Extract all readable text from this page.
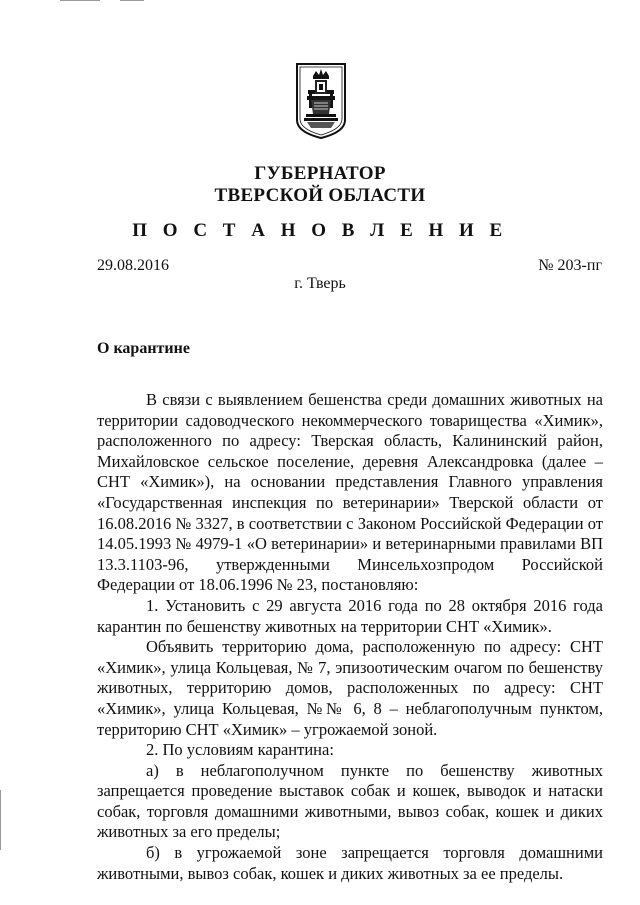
ГУБЕРНАТОР
ТВЕРСКОЙ ОБЛАСТИ
П О С Т А Н О В Л Е Н И Е
29.08.2016	№ 203-пг
г. Тверь
О карантине

В связи с выявлением бешенства среди домашних животных на территории садоводческого некоммерческого товарищества «Химик», расположенного по адресу: Тверская область, Калининский район, Михайловское сельское поселение, деревня Александровка (далее – СНТ «Химик»), на основании представления Главного управления «Государственная инспекция по ветеринарии» Тверской области от 16.08.2016 № 3327, в соответствии с Законом Российской Федерации от 14.05.1993 № 4979-1 «О ветеринарии» и ветеринарными правилами ВП 13.3.1103-96, утвержденными Минсельхозпродом Российской Федерации от 18.06.1996 № 23, постановляю:

1. Установить с 29 августа 2016 года по 28 октября 2016 года карантин по бешенству животных на территории СНТ «Химик».

Объявить территорию дома, расположенную по адресу: СНТ «Химик», улица Кольцевая, № 7, эпизоотическим очагом по бешенству животных, территорию домов, расположенных по адресу: СНТ «Химик», улица Кольцевая, №№ 6, 8 – неблагополучным пунктом, территорию СНТ «Химик» – угрожаемой зоной.

2. По условиям карантина:

а) в неблагополучном пункте по бешенству животных запрещается проведение выставок собак и кошек, выводок и натаски собак, торговля домашними животными, вывоз собак, кошек и диких животных за его пределы;

б) в угрожаемой зоне запрещается торговля домашними животными, вывоз собак, кошек и диких животных за ее пределы.
